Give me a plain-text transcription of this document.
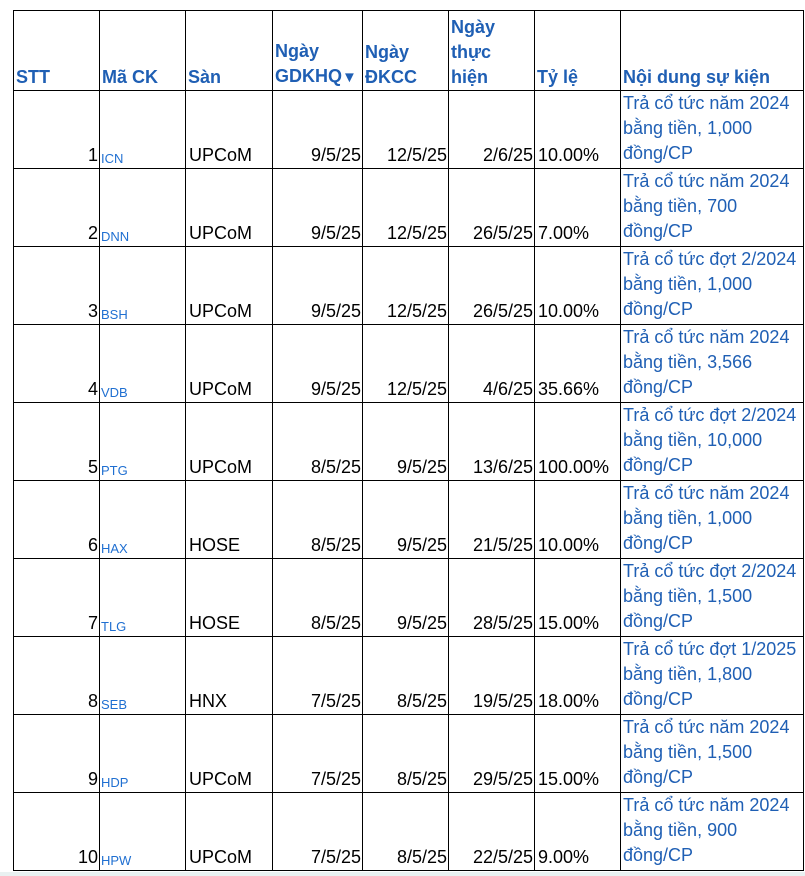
STT	Mã CK	Sàn	Ngày GDKHQ▼	Ngày ĐKCC	Ngày thực hiện	Tỷ lệ	Nội dung sự kiện
1	ICN	UPCoM	9/5/25	12/5/25	2/6/25	10.00%	Trả cổ tức năm 2024 bằng tiền, 1,000 đồng/CP
2	DNN	UPCoM	9/5/25	12/5/25	26/5/25	7.00%	Trả cổ tức năm 2024 bằng tiền, 700 đồng/CP
3	BSH	UPCoM	9/5/25	12/5/25	26/5/25	10.00%	Trả cổ tức đợt 2/2024 bằng tiền, 1,000 đồng/CP
4	VDB	UPCoM	9/5/25	12/5/25	4/6/25	35.66%	Trả cổ tức năm 2024 bằng tiền, 3,566 đồng/CP
5	PTG	UPCoM	8/5/25	9/5/25	13/6/25	100.00%	Trả cổ tức đợt 2/2024 bằng tiền, 10,000 đồng/CP
6	HAX	HOSE	8/5/25	9/5/25	21/5/25	10.00%	Trả cổ tức năm 2024 bằng tiền, 1,000 đồng/CP
7	TLG	HOSE	8/5/25	9/5/25	28/5/25	15.00%	Trả cổ tức đợt 2/2024 bằng tiền, 1,500 đồng/CP
8	SEB	HNX	7/5/25	8/5/25	19/5/25	18.00%	Trả cổ tức đợt 1/2025 bằng tiền, 1,800 đồng/CP
9	HDP	UPCoM	7/5/25	8/5/25	29/5/25	15.00%	Trả cổ tức năm 2024 bằng tiền, 1,500 đồng/CP
10	HPW	UPCoM	7/5/25	8/5/25	22/5/25	9.00%	Trả cổ tức năm 2024 bằng tiền, 900 đồng/CP
